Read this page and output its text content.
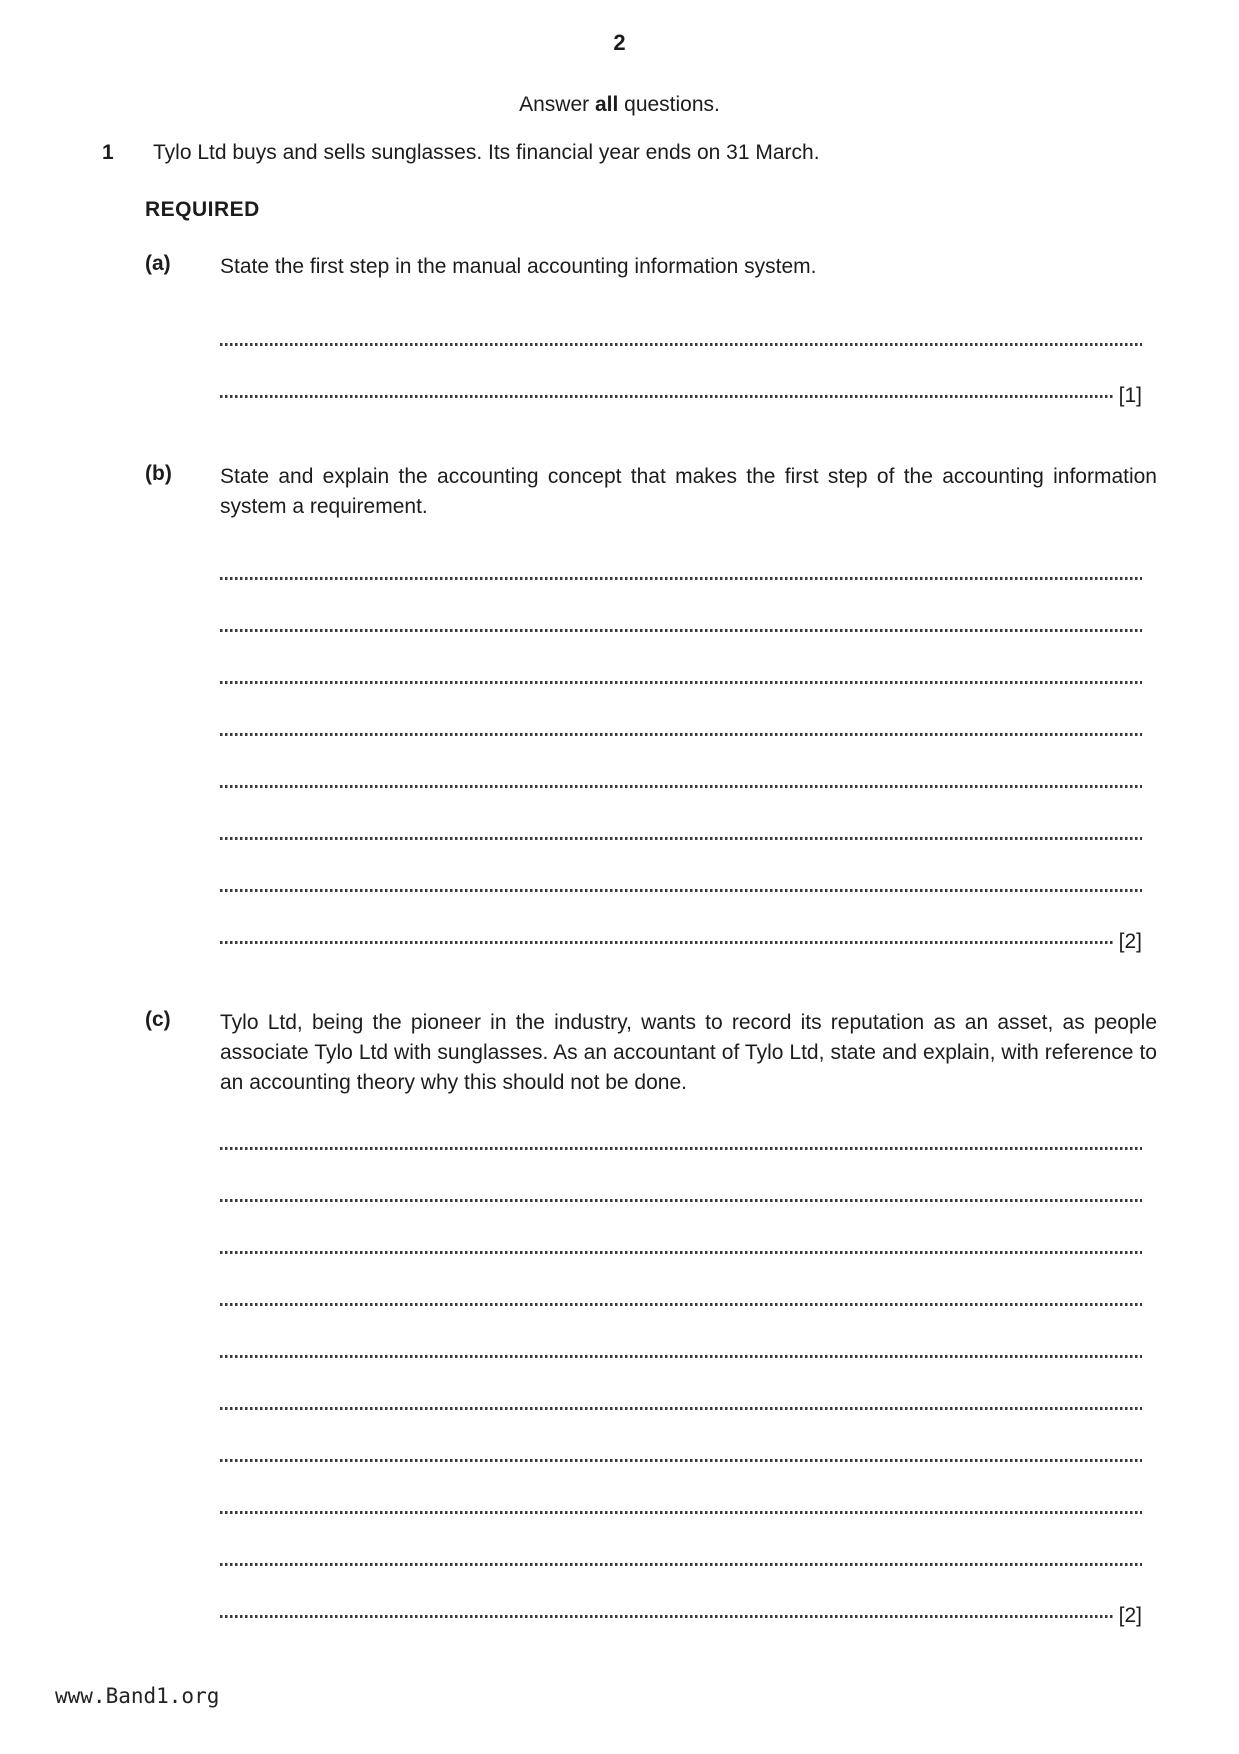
2
Answer all questions.
1	Tylo Ltd buys and sells sunglasses. Its financial year ends on 31 March.
REQUIRED
(a)	State the first step in the manual accounting information system.
[1]
(b)	State and explain the accounting concept that makes the first step of the accounting information system a requirement.
[2]
(c)	Tylo Ltd, being the pioneer in the industry, wants to record its reputation as an asset, as people associate Tylo Ltd with sunglasses. As an accountant of Tylo Ltd, state and explain, with reference to an accounting theory why this should not be done.
[2]
www.Band1.org
